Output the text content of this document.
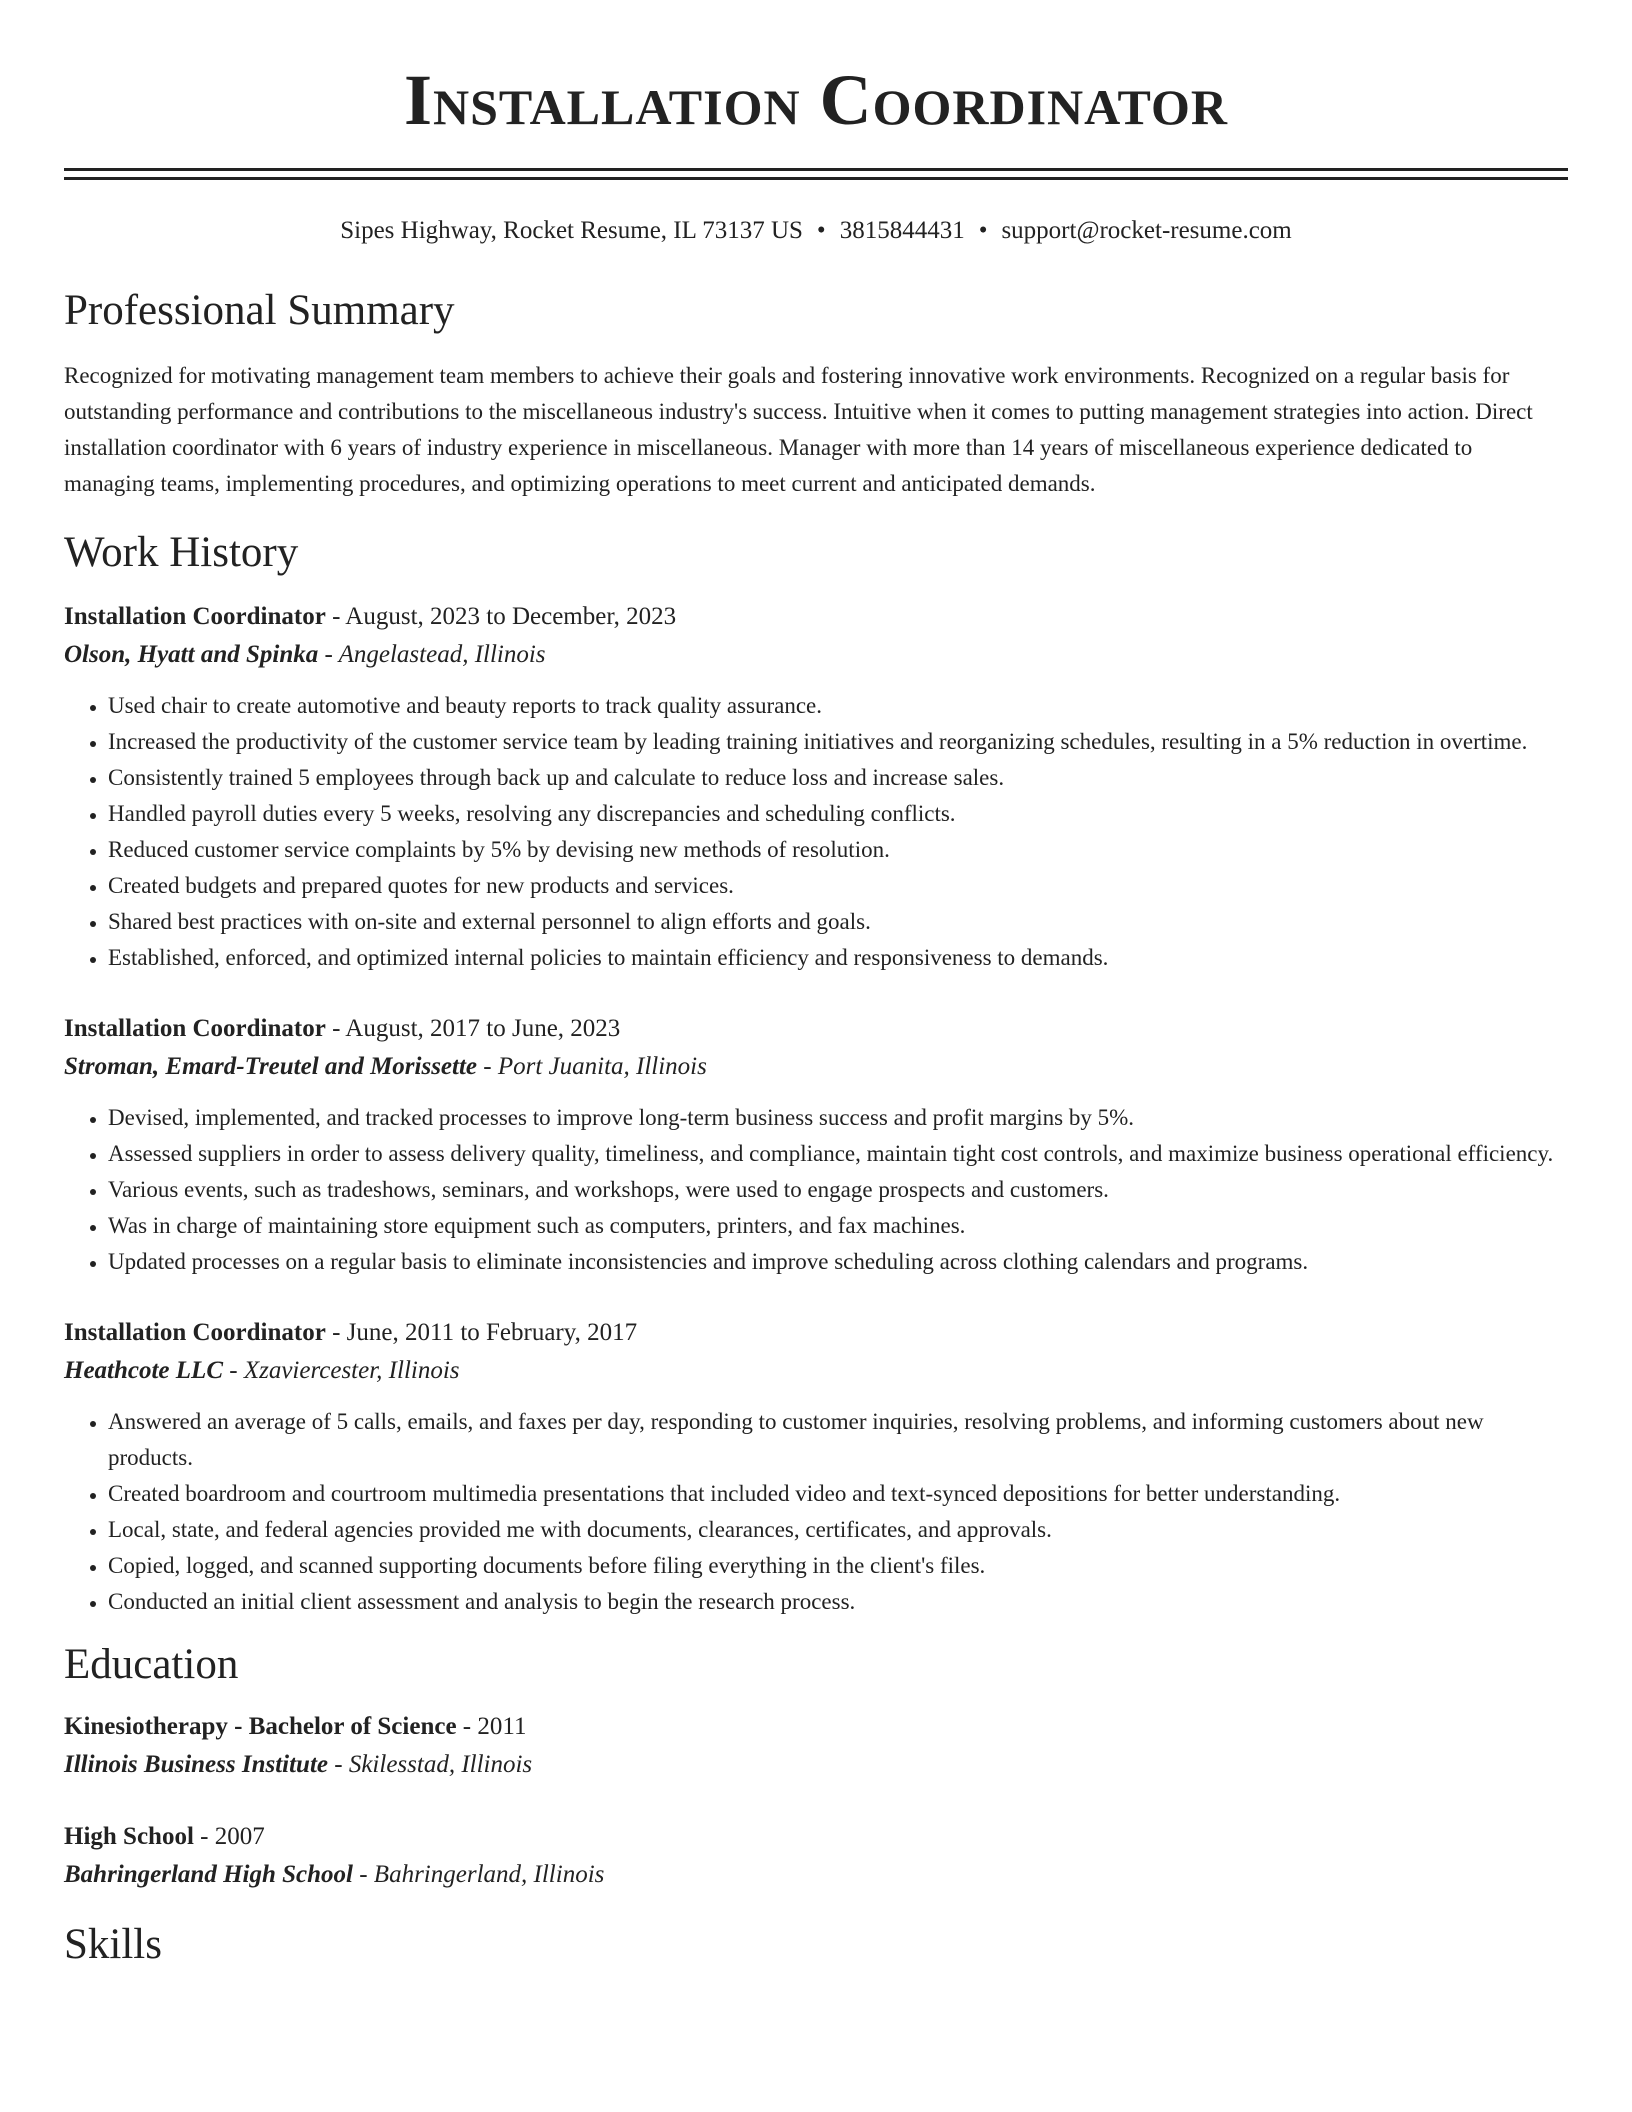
Installation Coordinator
Sipes Highway, Rocket Resume, IL 73137 US • 3815844431 • support@rocket-resume.com
Professional Summary
Recognized for motivating management team members to achieve their goals and fostering innovative work environments. Recognized on a regular basis for outstanding performance and contributions to the miscellaneous industry's success. Intuitive when it comes to putting management strategies into action. Direct installation coordinator with 6 years of industry experience in miscellaneous. Manager with more than 14 years of miscellaneous experience dedicated to managing teams, implementing procedures, and optimizing operations to meet current and anticipated demands.
Work History
Installation Coordinator - August, 2023 to December, 2023
Olson, Hyatt and Spinka - Angelastead, Illinois
• Used chair to create automotive and beauty reports to track quality assurance.
• Increased the productivity of the customer service team by leading training initiatives and reorganizing schedules, resulting in a 5% reduction in overtime.
• Consistently trained 5 employees through back up and calculate to reduce loss and increase sales.
• Handled payroll duties every 5 weeks, resolving any discrepancies and scheduling conflicts.
• Reduced customer service complaints by 5% by devising new methods of resolution.
• Created budgets and prepared quotes for new products and services.
• Shared best practices with on-site and external personnel to align efforts and goals.
• Established, enforced, and optimized internal policies to maintain efficiency and responsiveness to demands.
Installation Coordinator - August, 2017 to June, 2023
Stroman, Emard-Treutel and Morissette - Port Juanita, Illinois
• Devised, implemented, and tracked processes to improve long-term business success and profit margins by 5%.
• Assessed suppliers in order to assess delivery quality, timeliness, and compliance, maintain tight cost controls, and maximize business operational efficiency.
• Various events, such as tradeshows, seminars, and workshops, were used to engage prospects and customers.
• Was in charge of maintaining store equipment such as computers, printers, and fax machines.
• Updated processes on a regular basis to eliminate inconsistencies and improve scheduling across clothing calendars and programs.
Installation Coordinator - June, 2011 to February, 2017
Heathcote LLC - Xzaviercester, Illinois
• Answered an average of 5 calls, emails, and faxes per day, responding to customer inquiries, resolving problems, and informing customers about new products.
• Created boardroom and courtroom multimedia presentations that included video and text-synced depositions for better understanding.
• Local, state, and federal agencies provided me with documents, clearances, certificates, and approvals.
• Copied, logged, and scanned supporting documents before filing everything in the client's files.
• Conducted an initial client assessment and analysis to begin the research process.
Education
Kinesiotherapy - Bachelor of Science - 2011
Illinois Business Institute - Skilesstad, Illinois
High School - 2007
Bahringerland High School - Bahringerland, Illinois
Skills
